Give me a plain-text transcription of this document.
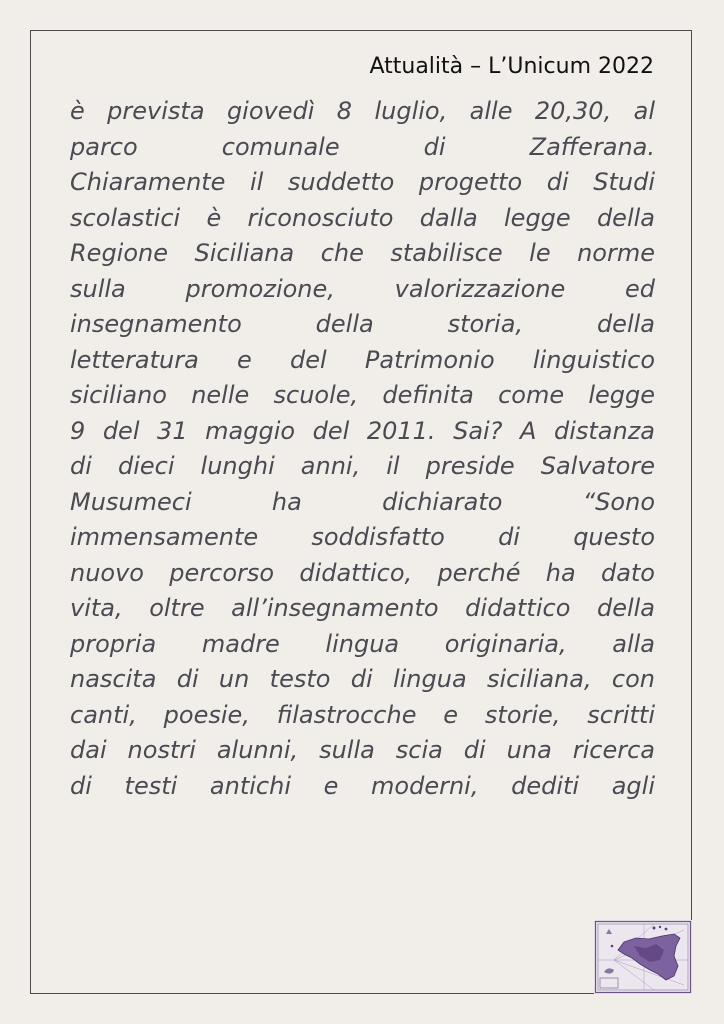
Attualità – L’Unicum 2022
è prevista giovedì 8 luglio, alle 20,30, al
parco comunale di Zafferana.
Chiaramente il suddetto progetto di Studi
scolastici è riconosciuto dalla legge della
Regione Siciliana che stabilisce le norme
sulla promozione, valorizzazione ed
insegnamento della storia, della
letteratura e del Patrimonio linguistico
siciliano nelle scuole, definita come legge
9 del 31 maggio del 2011. Sai? A distanza
di dieci lunghi anni, il preside Salvatore
Musumeci ha dichiarato “Sono
immensamente soddisfatto di questo
nuovo percorso didattico, perché ha dato
vita, oltre all’insegnamento didattico della
propria madre lingua originaria, alla
nascita di un testo di lingua siciliana, con
canti, poesie, filastrocche e storie, scritti
dai nostri alunni, sulla scia di una ricerca
di testi antichi e moderni, dediti agli
